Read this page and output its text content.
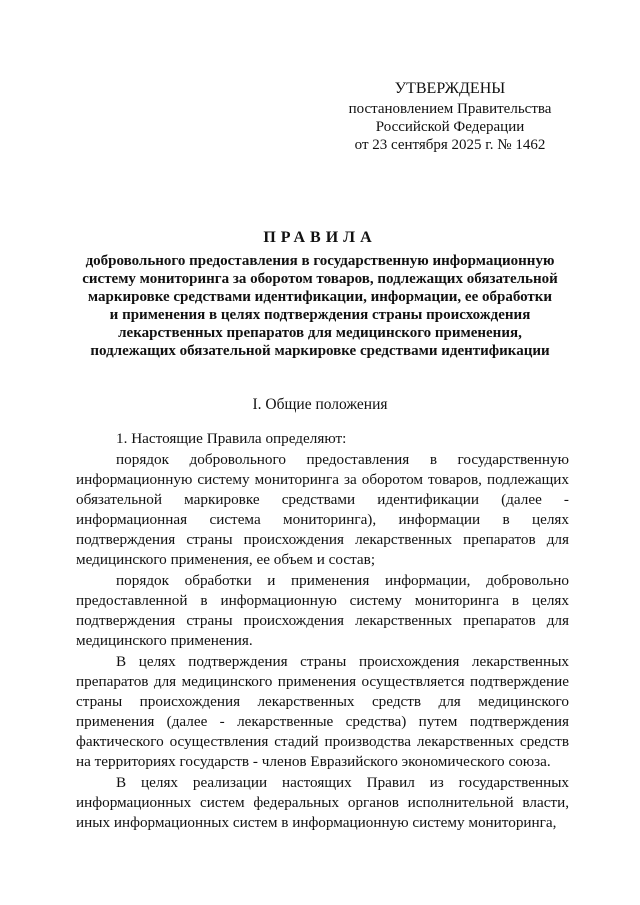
УТВЕРЖДЕНЫ
постановлением Правительства
Российской Федерации
от 23 сентября 2025 г. № 1462
ПРАВИЛА
добровольного предоставления в государственную информационную
систему мониторинга за оборотом товаров, подлежащих обязательной
маркировке средствами идентификации, информации, ее обработки
и применения в целях подтверждения страны происхождения
лекарственных препаратов для медицинского применения,
подлежащих обязательной маркировке средствами идентификации
I. Общие положения

1. Настоящие Правила определяют:

порядок добровольного предоставления в государственную информационную систему мониторинга за оборотом товаров, подлежащих обязательной маркировке средствами идентификации (далее - информационная система мониторинга), информации в целях подтверждения страны происхождения лекарственных препаратов для медицинского применения, ее объем и состав;

порядок обработки и применения информации, добровольно предоставленной в информационную систему мониторинга в целях подтверждения страны происхождения лекарственных препаратов для медицинского применения.

В целях подтверждения страны происхождения лекарственных препаратов для медицинского применения осуществляется подтверждение страны происхождения лекарственных средств для медицинского применения (далее - лекарственные средства) путем подтверждения фактического осуществления стадий производства лекарственных средств на территориях государств - членов Евразийского экономического союза.

В целях реализации настоящих Правил из государственных информационных систем федеральных органов исполнительной власти, иных информационных систем в информационную систему мониторинга,
